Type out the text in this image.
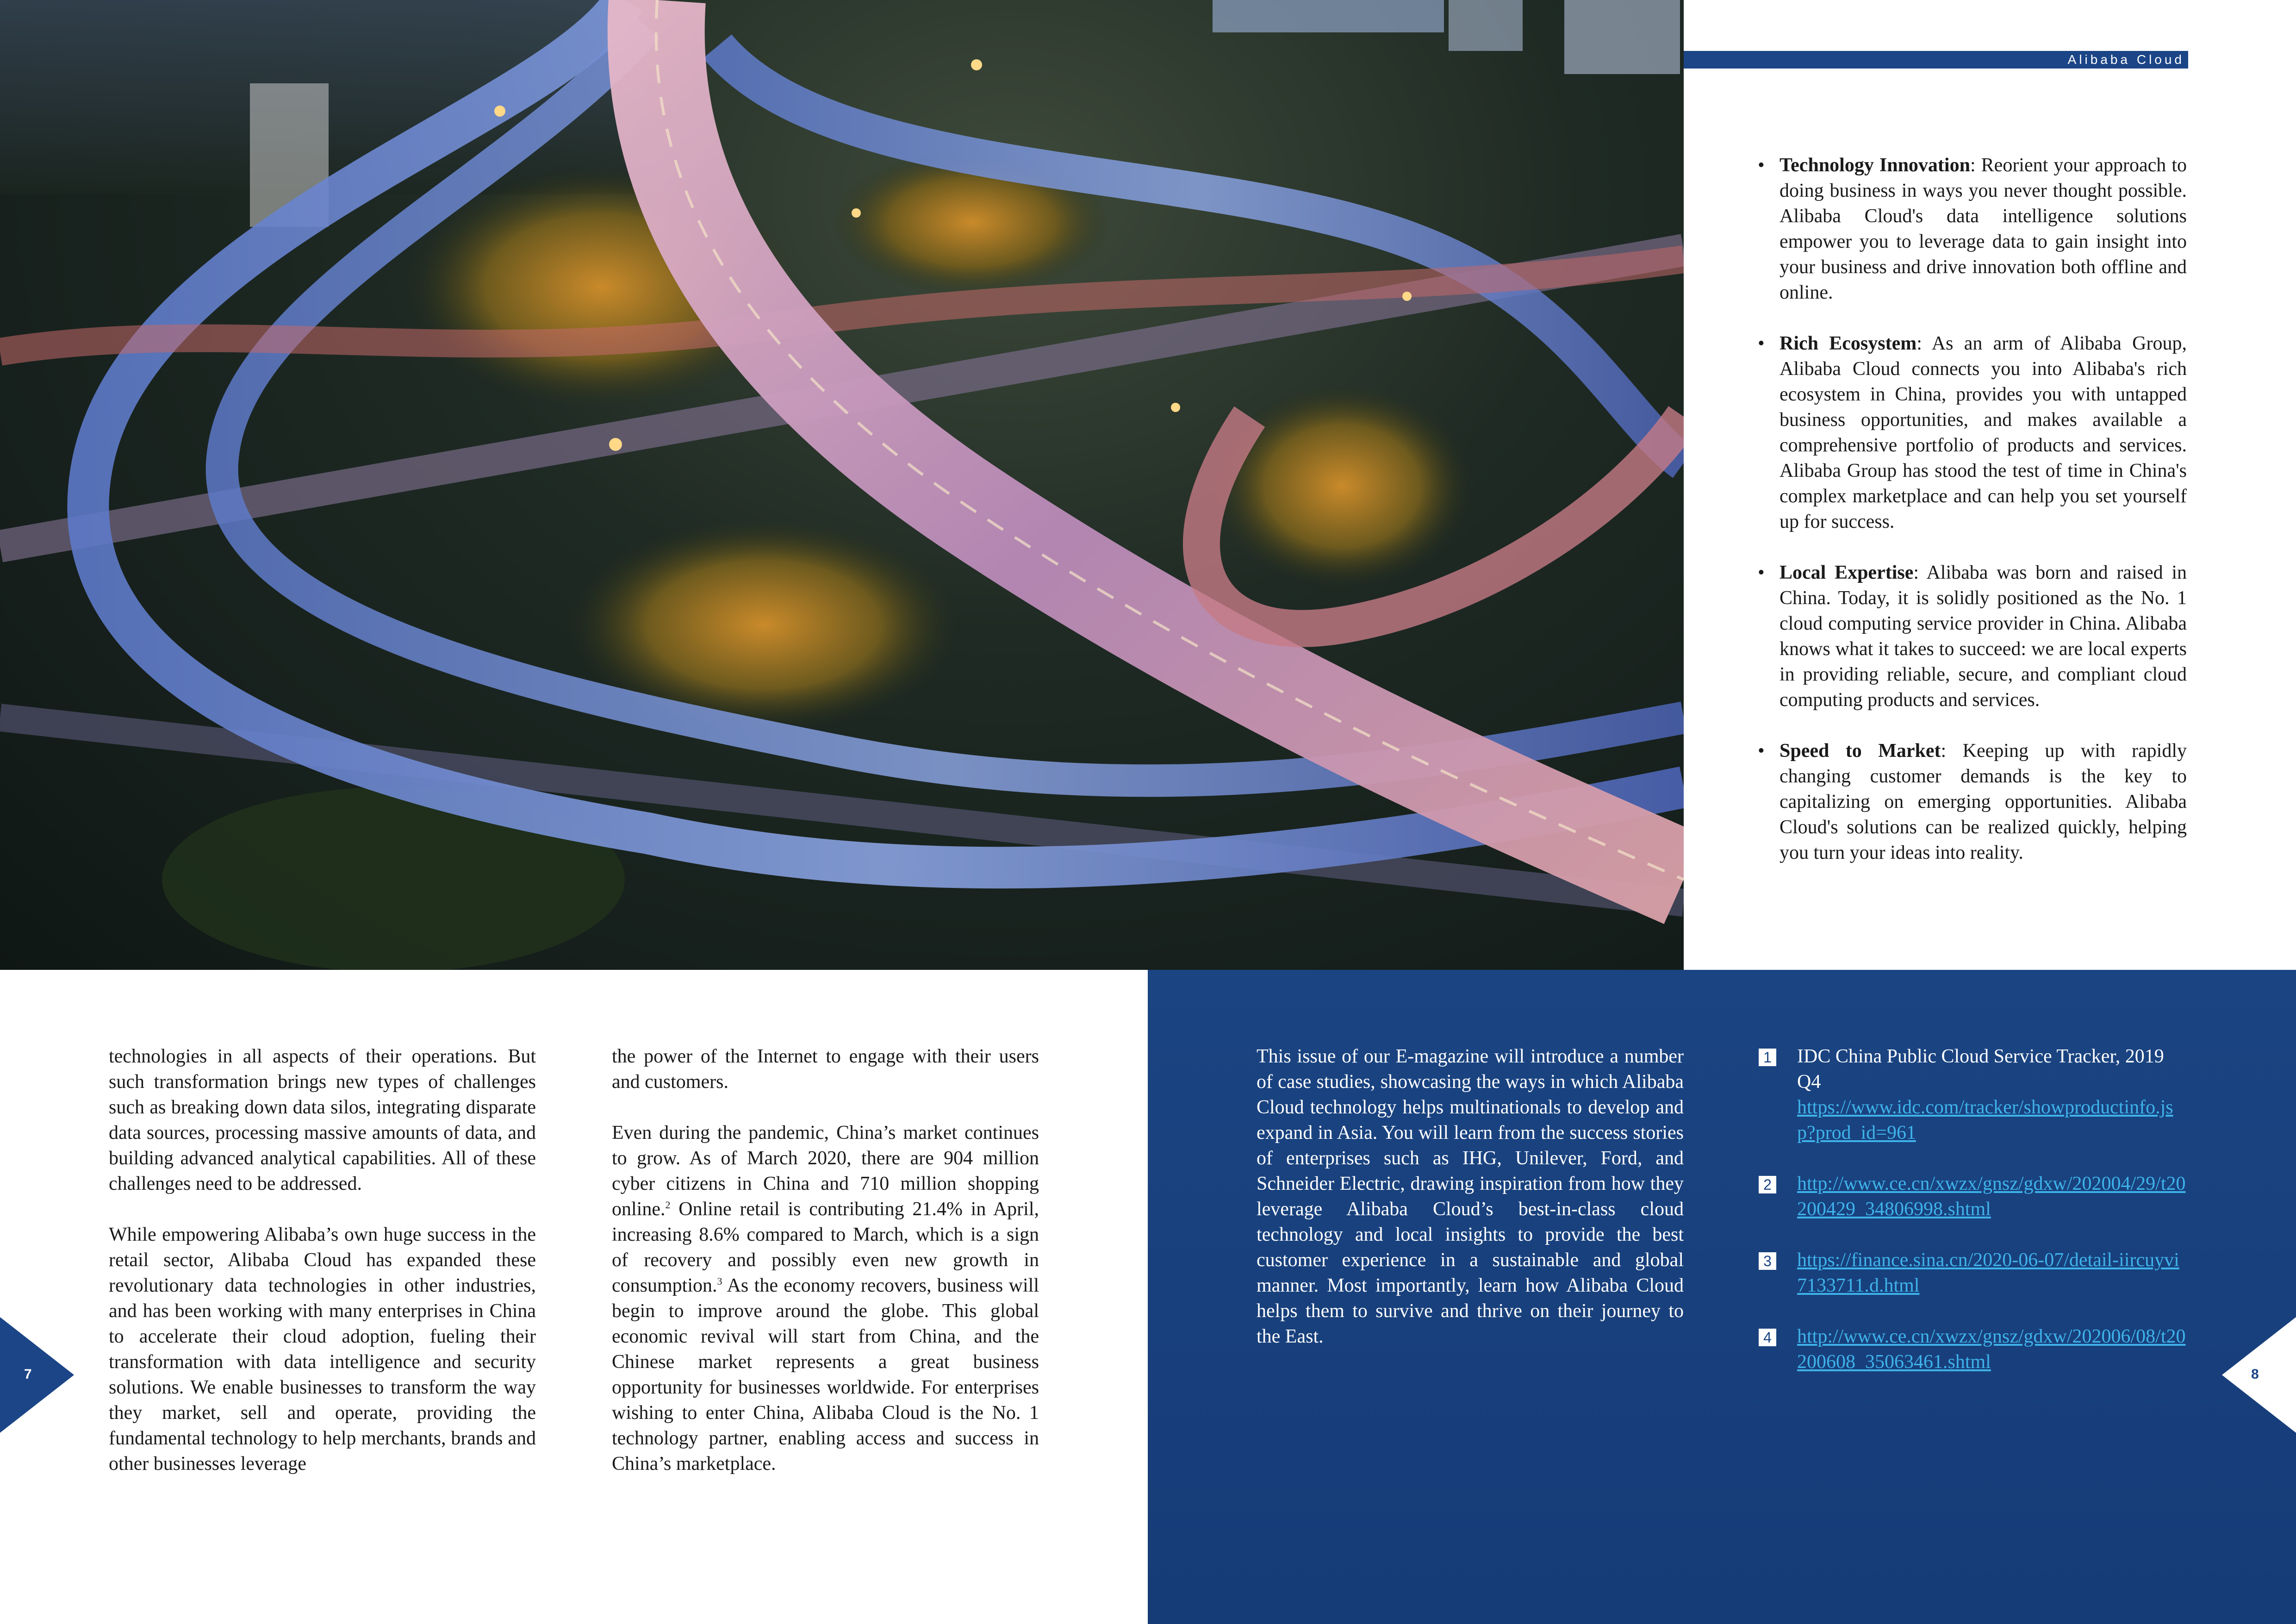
Alibaba Cloud
• Technology Innovation: Reorient your approach to doing business in ways you never thought possible. Alibaba Cloud's data intelligence solutions empower you to leverage data to gain insight into your business and drive innovation both offline and online.
• Rich Ecosystem: As an arm of Alibaba Group, Alibaba Cloud connects you into Alibaba's rich ecosystem in China, provides you with untapped business opportunities, and makes available a comprehensive portfolio of products and services. Alibaba Group has stood the test of time in China's complex marketplace and can help you set yourself up for success.
• Local Expertise: Alibaba was born and raised in China. Today, it is solidly positioned as the No. 1 cloud computing service provider in China. Alibaba knows what it takes to succeed: we are local experts in providing reliable, secure, and compliant cloud computing products and services.
• Speed to Market: Keeping up with rapidly changing customer demands is the key to capitalizing on emerging opportunities. Alibaba Cloud's solutions can be realized quickly, helping you turn your ideas into reality.

technologies in all aspects of their operations. But such transformation brings new types of challenges such as breaking down data silos, integrating disparate data sources, processing massive amounts of data, and building advanced analytical capabilities. All of these challenges need to be addressed.

While empowering Alibaba’s own huge success in the retail sector, Alibaba Cloud has expanded these revolutionary data technologies in other industries, and has been working with many enterprises in China to accelerate their cloud adoption, fueling their transformation with data intelligence and security solutions. We enable businesses to transform the way they market, sell and operate, providing the fundamental technology to help merchants, brands and other businesses leverage

the power of the Internet to engage with their users and customers.

Even during the pandemic, China’s market continues to grow. As of March 2020, there are 904 million cyber citizens in China and 710 million shopping online.$^2$ Online retail is contributing 21.4% in April, increasing 8.6% compared to March, which is a sign of recovery and possibly even new growth in consumption.$^3$ As the economy recovers, business will begin to improve around the globe. This global economic revival will start from China, and the Chinese market represents a great business opportunity for businesses worldwide. For enterprises wishing to enter China, Alibaba Cloud is the No. 1 technology partner, enabling access and success in China’s marketplace.

This issue of our E-magazine will introduce a number of case studies, showcasing the ways in which Alibaba Cloud technology helps multinationals to develop and expand in Asia. You will learn from the success stories of enterprises such as IHG, Unilever, Ford, and Schneider Electric, drawing inspiration from how they leverage Alibaba Cloud’s best-in-class cloud technology and local insights to provide the best customer experience in a sustainable and global manner. Most importantly, learn how Alibaba Cloud helps them to survive and thrive on their journey to the East.

1 IDC China Public Cloud Service Tracker, 2019 Q4
https://www.idc.com/tracker/showproductinfo.jsp?prod_id=961
2 http://www.ce.cn/xwzx/gnsz/gdxw/202004/29/t20200429_34806998.shtml
3 https://finance.sina.cn/2020-06-07/detail-iircuyvi7133711.d.html
4 http://www.ce.cn/xwzx/gnsz/gdxw/202006/08/t20200608_35063461.shtml
7	8
